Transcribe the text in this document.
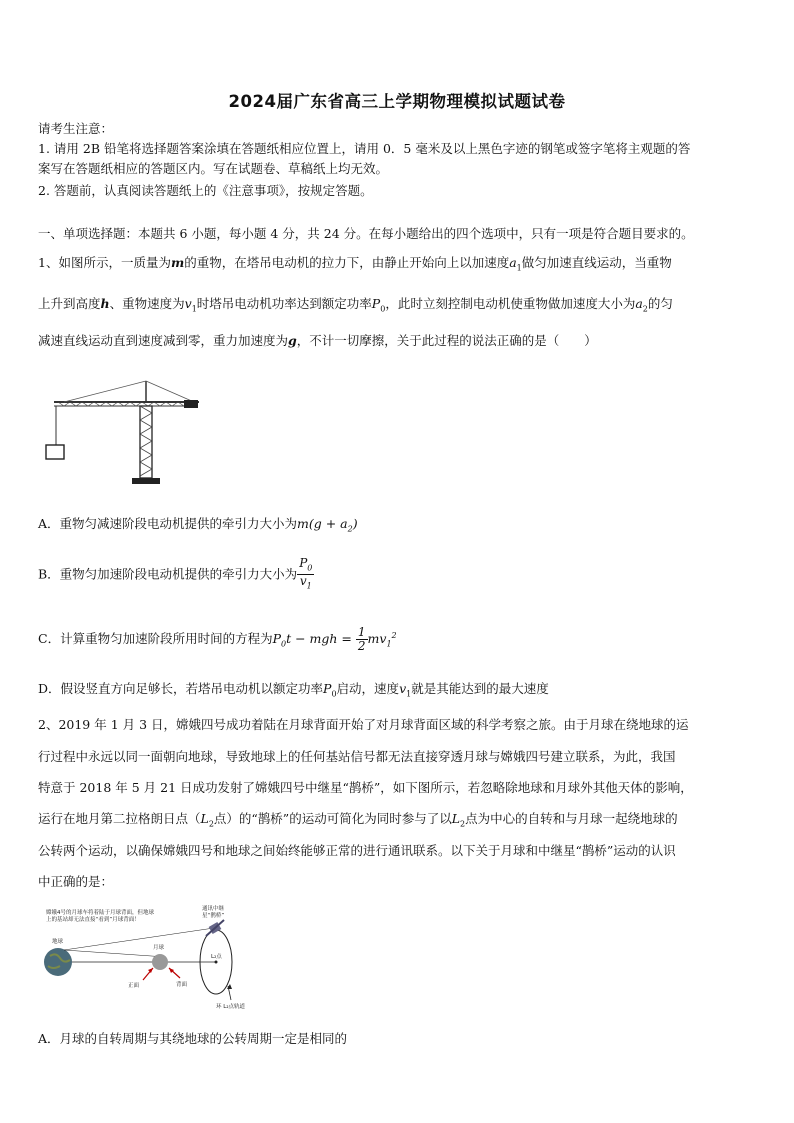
2024届广东省高三上学期物理模拟试题试卷
请考生注意：
1. 请用 2B 铅笔将选择题答案涂填在答题纸相应位置上，请用 0．5 毫米及以上黑色字迹的钢笔或签字笔将主观题的答
案写在答题纸相应的答题区内。写在试题卷、草稿纸上均无效。
2. 答题前，认真阅读答题纸上的《注意事项》，按规定答题。
一、单项选择题：本题共 6 小题，每小题 4 分，共 24 分。在每小题给出的四个选项中，只有一项是符合题目要求的。
1、如图所示，一质量为m的重物，在塔吊电动机的拉力下，由静止开始向上以加速度$a_1$做匀加速直线运动，当重物
上升到高度h、重物速度为$v_1$时塔吊电动机功率达到额定功率$P_0$，此时立刻控制电动机使重物做加速度大小为$a_2$的匀
减速直线运动直到速度减到零，重力加速度为g，不计一切摩擦，关于此过程的说法正确的是（　　）
A．重物匀减速阶段电动机提供的牵引力大小为$m(g + a_2)$
B．重物匀加速阶段电动机提供的牵引力大小为 $\frac{P_0}{v_1}$
C．计算重物匀加速阶段所用时间的方程为$P_0t$ − mgh = $\frac{1}{2} mv_1^2$
D．假设竖直方向足够长，若塔吊电动机以额定功率$P_0$启动，速度$v_1$就是其能达到的最大速度
2、2019 年 1 月 3 日，嫦娥四号成功着陆在月球背面开始了对月球背面区域的科学考察之旅。由于月球在绕地球的运
行过程中永远以同一面朝向地球，导致地球上的任何基站信号都无法直接穿透月球与嫦娥四号建立联系，为此，我国
特意于 2018 年 5 月 21 日成功发射了嫦娥四号中继星“鹊桥”，如下图所示，若忽略除地球和月球外其他天体的影响，
运行在地月第二拉格朗日点（$L_2$点）的“鹊桥”的运动可简化为同时参与了以$L_2$点为中心的自转和与月球一起绕地球的
公转两个运动，以确保嫦娥四号和地球之间始终能够正常的进行通讯联系。以下关于月球和中继星“鹊桥”运动的认识
中正确的是：
嫦娥4号的月球车将着陆于月球背面，但地球
上的基站却无法直接“看到”月球背面！
地球
月球
正面	背面
L₂点
通讯中继
星“鹊桥”
环 L₂点轨道
A．月球的自转周期与其绕地球的公转周期一定是相同的
